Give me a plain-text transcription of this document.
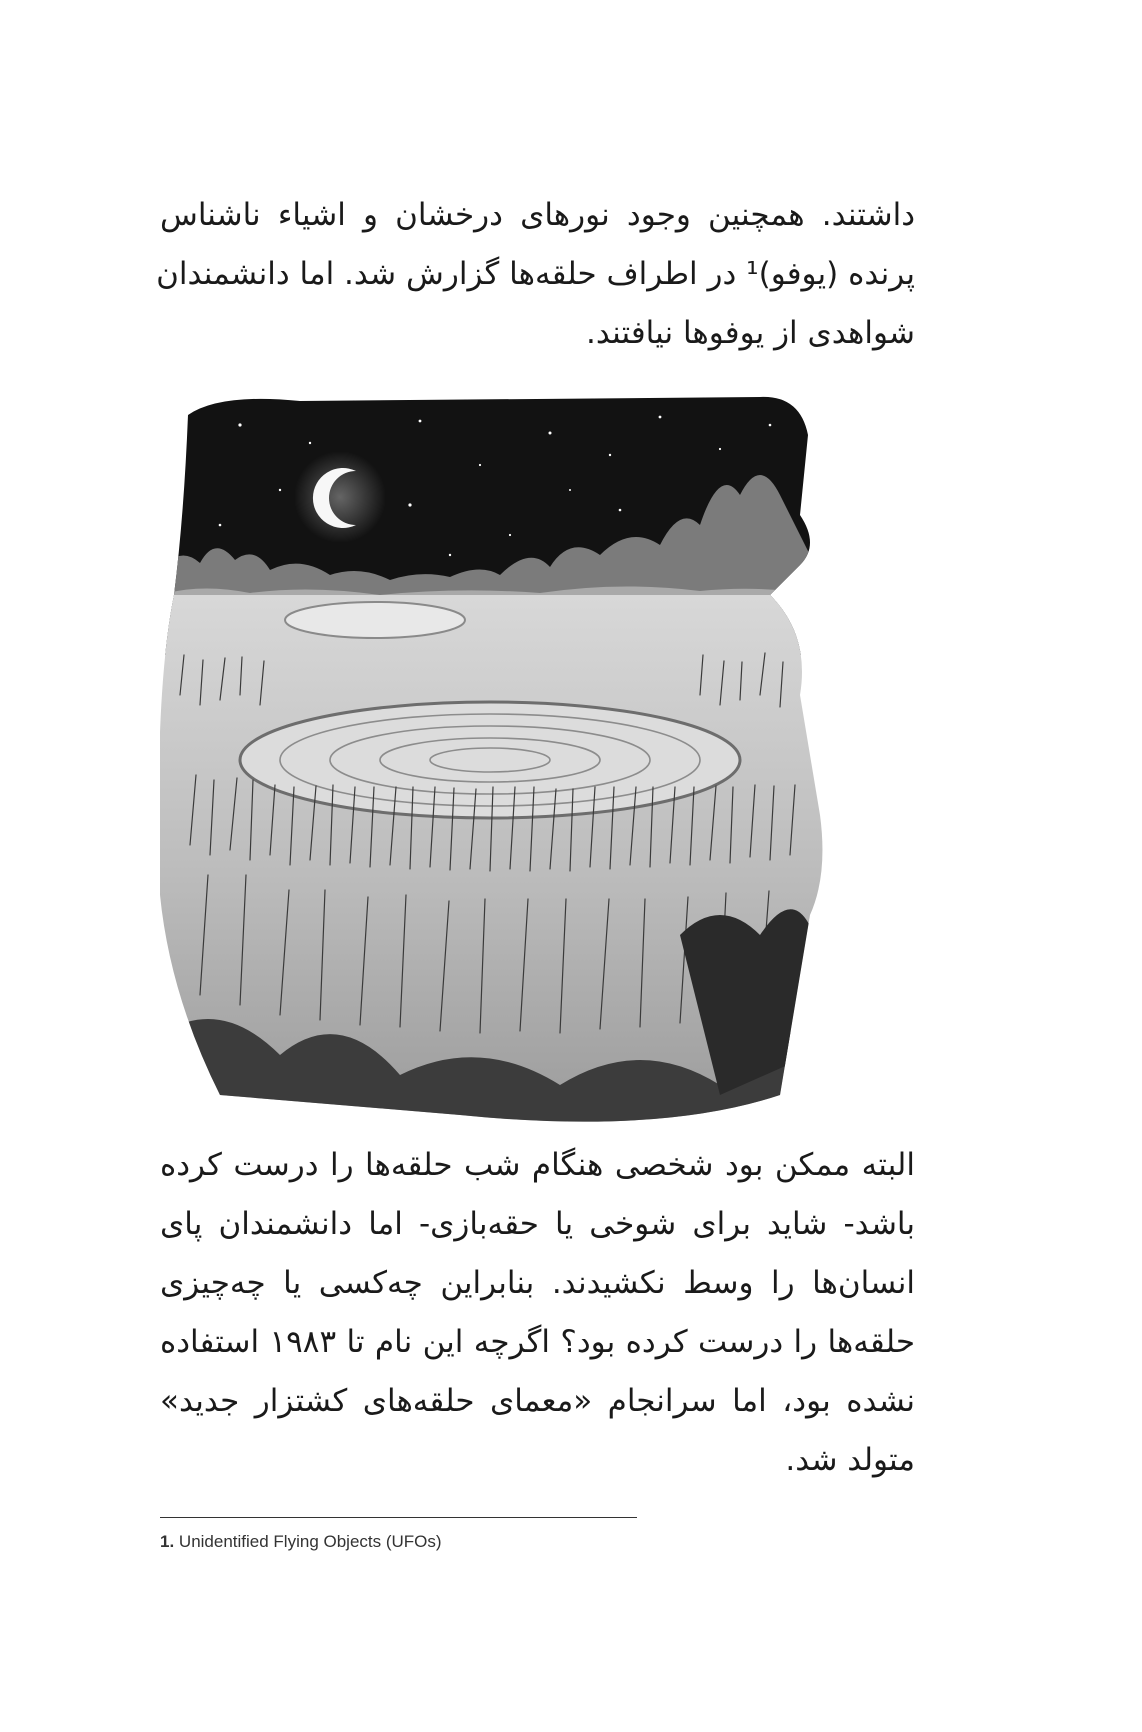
داشتند. همچنین وجود نورهای درخشان و اشیاء ناشناس
پرنده (یوفو)¹ در اطراف حلقه‌ها گزارش شد. اما دانشمندان
شواهدی از یوفوها نیافتند.
البته ممکن بود شخصی هنگام شب حلقه‌ها را درست کرده
باشد- شاید برای شوخی یا حقه‌بازی- اما دانشمندان پای
انسان‌ها را وسط نکشیدند. بنابراین چه‌کسی یا چه‌چیزی
حلقه‌ها را درست کرده بود؟ اگرچه این نام تا ۱۹۸۳ استفاده
نشده بود، اما سرانجام «معمای حلقه‌های کشتزار جدید»
متولد شد.
1. Unidentified Flying Objects (UFOs)
